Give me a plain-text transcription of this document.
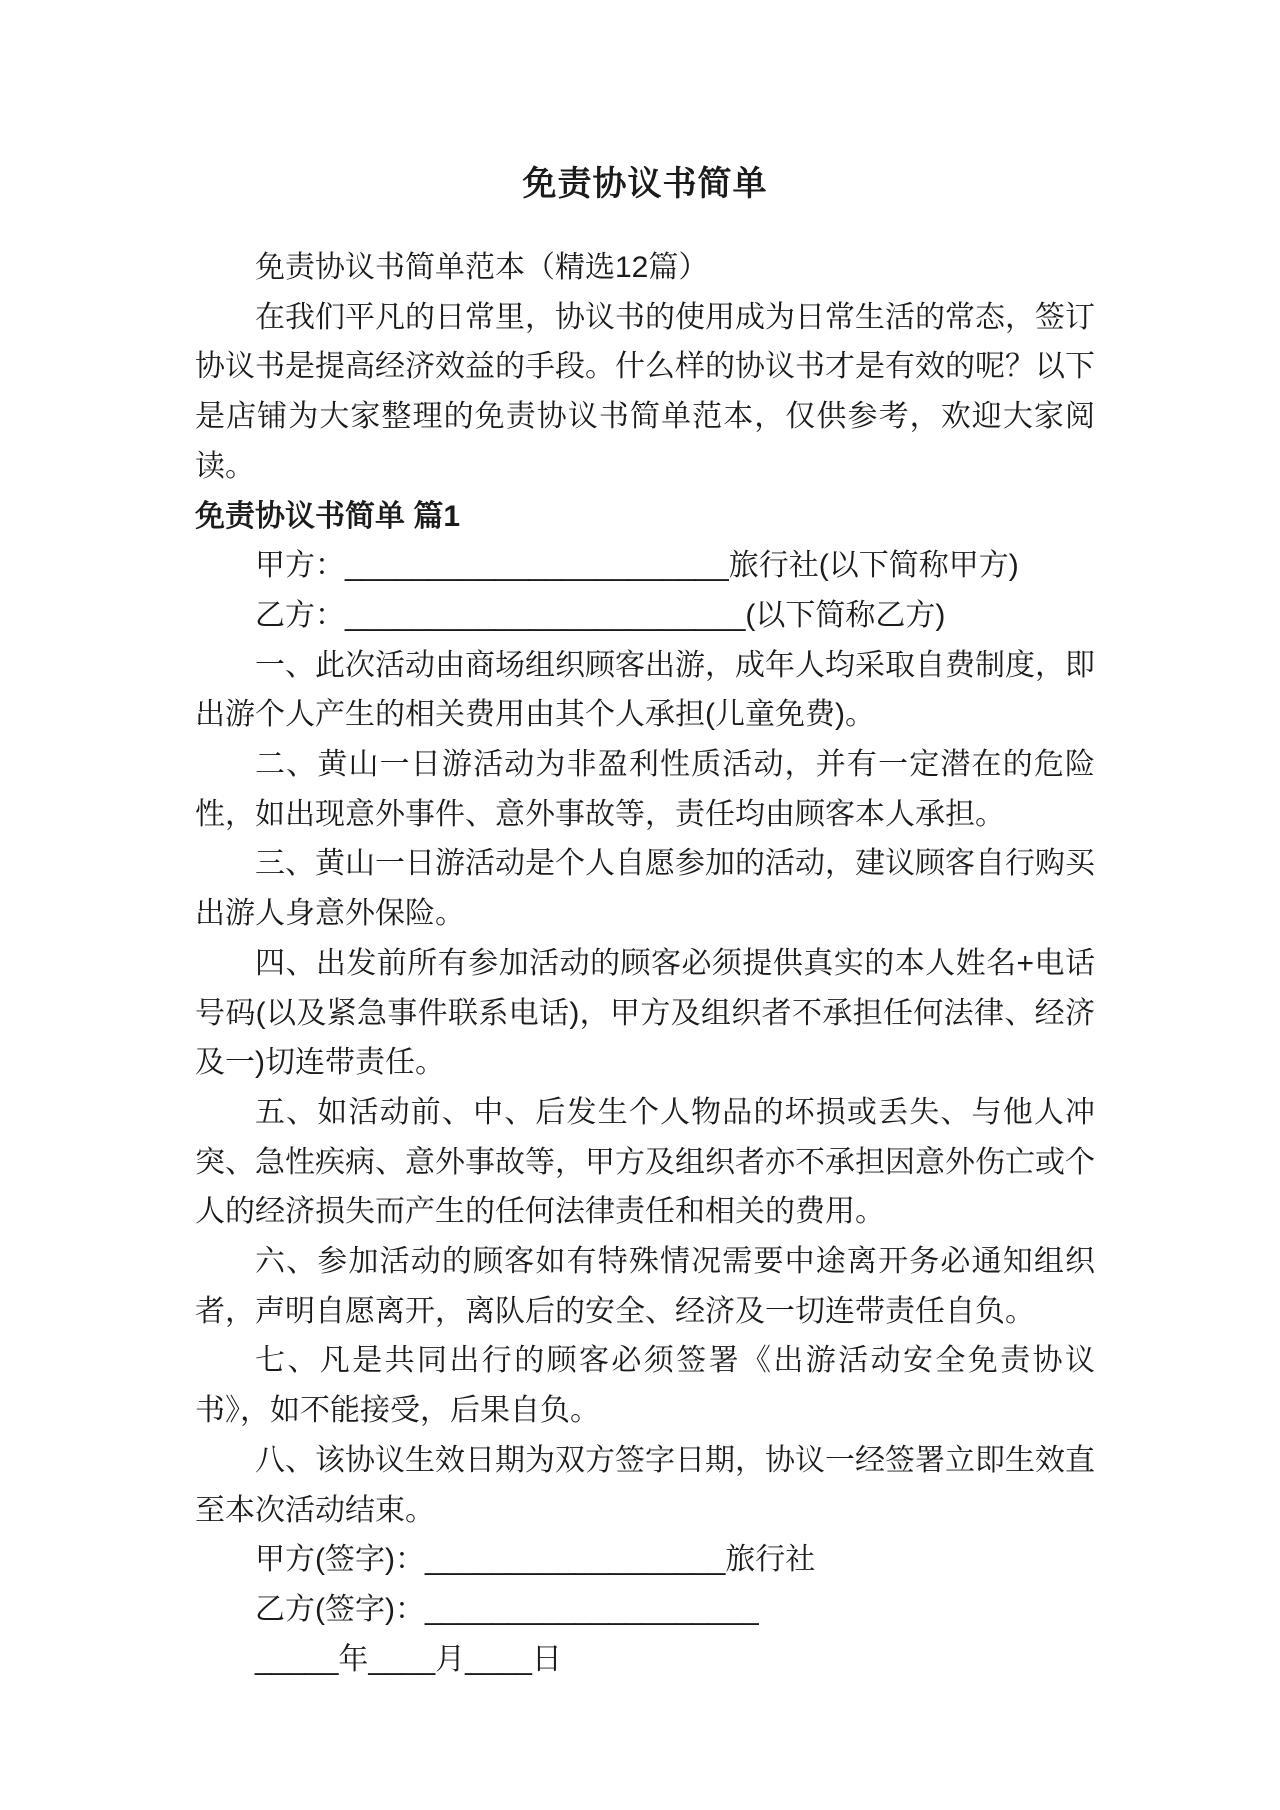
免责协议书简单

免责协议书简单范本（精选12篇）

在我们平凡的日常里，协议书的使用成为日常生活的常态，签订协议书是提高经济效益的手段。什么样的协议书才是有效的呢？以下是店铺为大家整理的免责协议书简单范本，仅供参考，欢迎大家阅读。

免责协议书简单 篇1

甲方：_______________________旅行社(以下简称甲方)

乙方：________________________(以下简称乙方)

一、此次活动由商场组织顾客出游，成年人均采取自费制度，即出游个人产生的相关费用由其个人承担(儿童免费)。

二、黄山一日游活动为非盈利性质活动，并有一定潜在的危险性，如出现意外事件、意外事故等，责任均由顾客本人承担。

三、黄山一日游活动是个人自愿参加的活动，建议顾客自行购买出游人身意外保险。

四、出发前所有参加活动的顾客必须提供真实的本人姓名+电话号码(以及紧急事件联系电话)，甲方及组织者不承担任何法律、经济及一)切连带责任。

五、如活动前、中、后发生个人物品的坏损或丢失、与他人冲突、急性疾病、意外事故等，甲方及组织者亦不承担因意外伤亡或个人的经济损失而产生的任何法律责任和相关的费用。

六、参加活动的顾客如有特殊情况需要中途离开务必通知组织者，声明自愿离开，离队后的安全、经济及一切连带责任自负。

七、凡是共同出行的顾客必须签署《出游活动安全免责协议书》，如不能接受，后果自负。

八、该协议生效日期为双方签字日期，协议一经签署立即生效直至本次活动结束。

甲方(签字)：__________________旅行社

乙方(签字)：____________________

_____年____月____日
